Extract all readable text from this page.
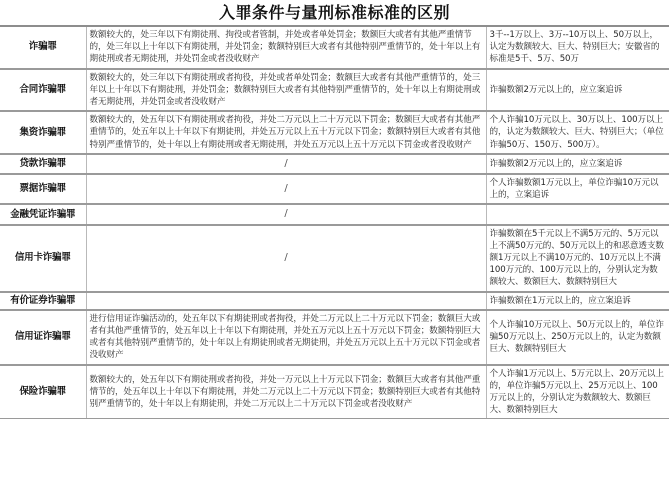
入罪条件与量刑标准标准的区别
诈骗罪	数额较大的，处三年以下有期徒刑、拘役或者管制，并处或者单处罚金；数额巨大或者有其他严重情节的，处三年以上十年以下有期徒刑，并处罚金；数额特别巨大或者有其他特别严重情节的，处十年以上有期徒刑或者无期徒刑，并处罚金或者没收财产	3千--1万以上、3万--10万以上、50万以上，认定为数额较大、巨大、特别巨大；安徽省的标准是5千、5万、50万
合同诈骗罪	数额较大的，处三年以下有期徒刑或者拘役，并处或者单处罚金；数额巨大或者有其他严重情节的，处三年以上十年以下有期徒刑，并处罚金；数额特别巨大或者有其他特别严重情节的，处十年以上有期徒刑或者无期徒刑，并处罚金或者没收财产	诈骗数额2万元以上的，应立案追诉
集资诈骗罪	数额较大的，处五年以下有期徒刑或者拘役，并处二万元以上二十万元以下罚金；数额巨大或者有其他严重情节的，处五年以上十年以下有期徒刑，并处五万元以上五十万元以下罚金；数额特别巨大或者有其他特别严重情节的，处十年以上有期徒刑或者无期徒刑，并处五万元以上五十万元以下罚金或者没收财产	个人诈骗10万元以上、30万以上、100万以上的，认定为数额较大、巨大、特别巨大；（单位诈骗50万、150万、500万）。
贷款诈骗罪	/	诈骗数额2万元以上的，应立案追诉
票据诈骗罪	/	个人诈骗数额1万元以上，单位诈骗10万元以上的，立案追诉
金融凭证诈骗罪	/	
信用卡诈骗罪	/	诈骗数额在5千元以上不满5万元的、5万元以上不满50万元的、50万元以上的和恶意透支数额1万元以上不满10万元的、10万元以上不满100万元的、100万元以上的，分别认定为数额较大、数额巨大、数额特别巨大
有价证券诈骗罪		诈骗数额在1万元以上的，应立案追诉
信用证诈骗罪	进行信用证诈骗活动的，处五年以下有期徒刑或者拘役，并处二万元以上二十万元以下罚金；数额巨大或者有其他严重情节的，处五年以上十年以下有期徒刑，并处五万元以上五十万元以下罚金；数额特别巨大或者有其他特别严重情节的，处十年以上有期徒刑或者无期徒刑，并处五万元以上五十万元以下罚金或者没收财产	个人诈骗10万元以上、50万元以上的，单位诈骗50万元以上、250万元以上的，认定为数额巨大、数额特别巨大
保险诈骗罪	数额较大的，处五年以下有期徒刑或者拘役，并处一万元以上十万元以下罚金；数额巨大或者有其他严重情节的，处五年以上十年以下有期徒刑，并处二万元以上二十万元以下罚金；数额特别巨大或者有其他特别严重情节的，处十年以上有期徒刑，并处二万元以上二十万元以下罚金或者没收财产	个人诈骗1万元以上、5万元以上、20万元以上的，单位诈骗5万元以上、25万元以上、100万元以上的，分别认定为数额较大、数额巨大、数额特别巨大
